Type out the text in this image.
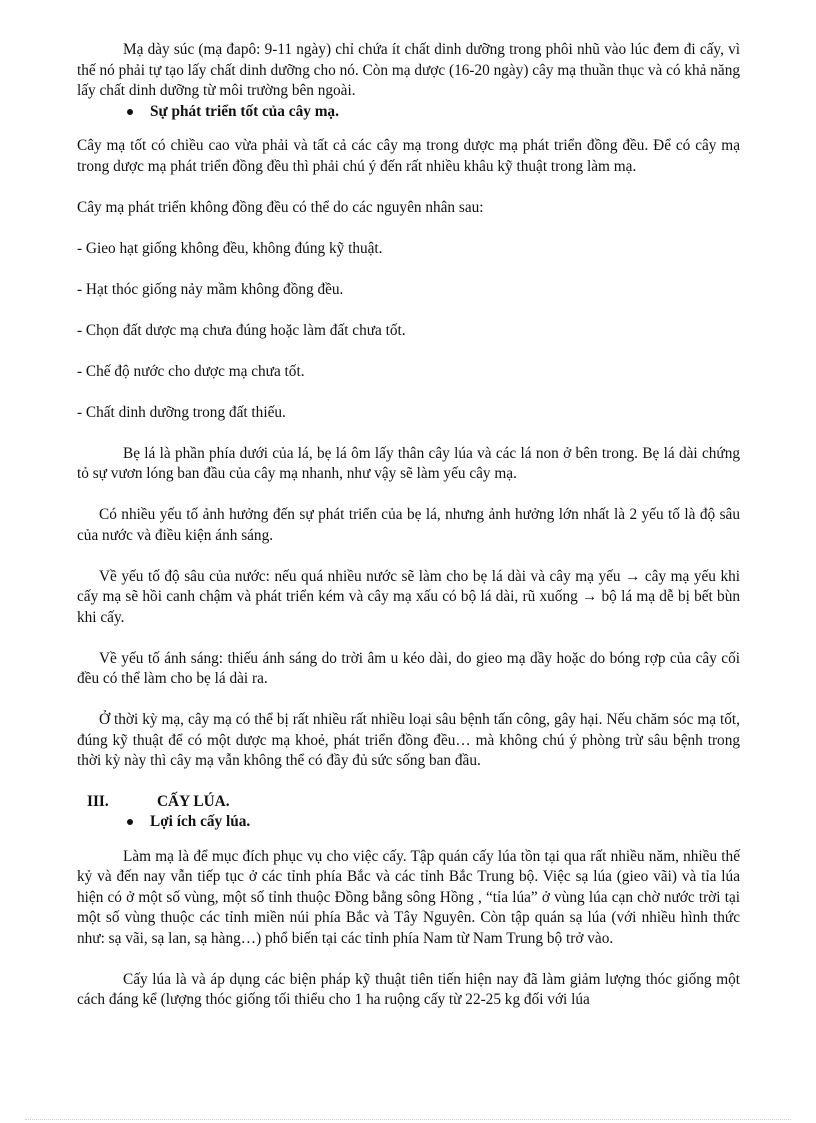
Mạ dày súc (mạ đapô: 9-11 ngày) chỉ chứa ít chất dinh dưỡng trong phôi nhũ vào lúc đem đi cấy, vì thế nó phải tự tạo lấy chất dinh dưỡng cho nó. Còn mạ dược (16-20 ngày) cây mạ thuần thục và có khả năng lấy chất dinh dưỡng từ môi trường bên ngoài.

Sự phát triển tốt của cây mạ.

Cây mạ tốt có chiều cao vừa phải và tất cả các cây mạ trong dược mạ phát triển đồng đều. Để có cây mạ trong dược mạ phát triển đồng đều thì phải chú ý đến rất nhiều khâu kỹ thuật trong làm mạ.

Cây mạ phát triển không đồng đều có thể do các nguyên nhân sau:

- Gieo hạt giống không đều, không đúng kỹ thuật.

- Hạt thóc giống nảy mầm không đồng đều.

- Chọn đất dược mạ chưa đúng hoặc làm đất chưa tốt.

- Chế độ nước cho dược mạ chưa tốt.

- Chất dinh dưỡng trong đất thiếu.

Bẹ lá là phần phía dưới của lá, bẹ lá ôm lấy thân cây lúa và các lá non ở bên trong. Bẹ lá dài chứng tỏ sự vươn lóng ban đầu của cây mạ nhanh, như vậy sẽ làm yếu cây mạ.

Có nhiều yếu tố ảnh hưởng đến sự phát triển của bẹ lá, nhưng ảnh hưởng lớn nhất là 2 yếu tố là độ sâu của nước và điều kiện ánh sáng.

Về yếu tố độ sâu của nước: nếu quá nhiều nước sẽ làm cho bẹ lá dài và cây mạ yếu → cây mạ yếu khi cấy mạ sẽ hồi canh chậm và phát triển kém và cây mạ xấu có bộ lá dài, rũ xuống → bộ lá mạ dễ bị bết bùn khi cấy.

Về yếu tố ánh sáng: thiếu ánh sáng do trời âm u kéo dài, do gieo mạ dầy hoặc do bóng rợp của cây cối đều có thể làm cho bẹ lá dài ra.

Ở thời kỳ mạ, cây mạ có thể bị rất nhiều rất nhiều loại sâu bệnh tấn công, gây hại. Nếu chăm sóc mạ tốt, đúng kỹ thuật để có một dược mạ khoẻ, phát triển đồng đều… mà không chú ý phòng trừ sâu bệnh trong thời kỳ này thì cây mạ vẫn không thể có đầy đủ sức sống ban đầu.

III.	CẤY LÚA.

Lợi ích cấy lúa.

Làm mạ là để mục đích phục vụ cho việc cấy. Tập quán cấy lúa tồn tại qua rất nhiều năm, nhiều thế kỷ và đến nay vẫn tiếp tục ở các tỉnh phía Bắc và các tỉnh Bắc Trung bộ. Việc sạ lúa (gieo vãi) và tỉa lúa hiện có ở một số vùng, một số tỉnh thuộc Đồng bằng sông Hồng , “tỉa lúa” ở vùng lúa cạn chờ nước trời tại một số vùng thuộc các tỉnh miền núi phía Bắc và Tây Nguyên. Còn tập quán sạ lúa (với nhiều hình thức như: sạ vãi, sạ lan, sạ hàng…) phổ biến tại các tỉnh phía Nam từ Nam Trung bộ trở vào.

Cấy lúa là và áp dụng các biện pháp kỹ thuật tiên tiến hiện nay đã làm giảm lượng thóc giống một cách đáng kể (lượng thóc giống tối thiểu cho 1 ha ruộng cấy từ 22-25 kg đối với lúa
